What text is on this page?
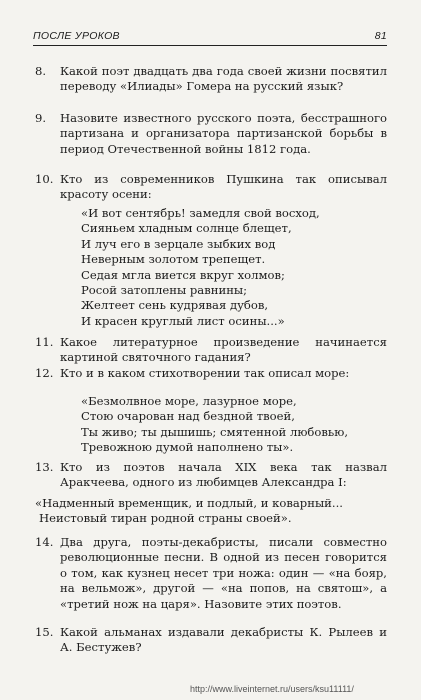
ПОСЛЕ УРОКОВ	81
8. Какой поэт двадцать два года своей жизни посвятил переводу «Илиады» Гомера на русский язык?
9. Назовите известного русского поэта, бесстрашного партизана и организатора партизанской борьбы в период Отечественной войны 1812 года.
10. Кто из современников Пушкина так описывал красоту осени:
«И вот сентябрь! замедля свой восход,
Сияньем хладным солнце блещет,
И луч его в зерцале зыбких вод
Неверным золотом трепещет.
Седая мгла виется вкруг холмов;
Росой затоплены равнины;
Желтеет сень кудрявая дубов,
И красен круглый лист осины...»
11. Какое литературное произведение начинается картиной святочного гадания?
12. Кто и в каком стихотворении так описал море:
«Безмолвное море, лазурное море,
Стою очарован над бездной твоей,
Ты живо; ты дышишь; смятенной любовью,
Тревожною думой наполнено ты».
13. Кто из поэтов начала XIX века так назвал Аракчеева, одного из любимцев Александра I:
«Надменный временщик, и подлый, и коварный...
Неистовый тиран родной страны своей».
14. Два друга, поэты-декабристы, писали совместно революционные песни. В одной из песен говорится о том, как кузнец несет три ножа: один — «на бояр, на вельмож», другой — «на попов, на святош», а «третий нож на царя». Назовите этих поэтов.
15. Какой альманах издавали декабристы К. Рылеев и А. Бестужев?
http://www.liveinternet.ru/users/ksu11111/
